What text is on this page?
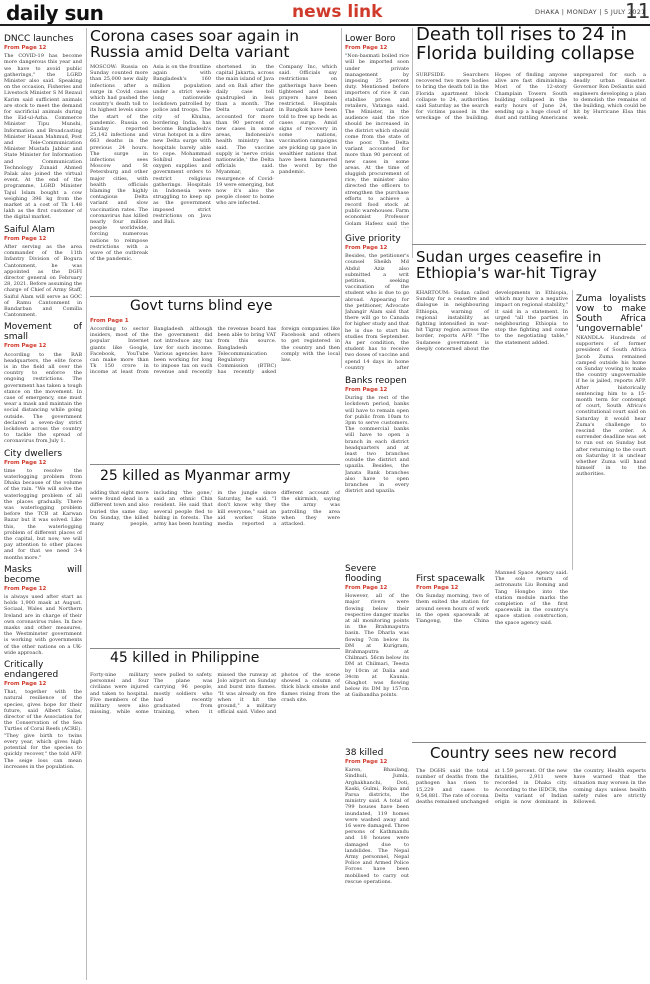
daily sun	news link	DHAKA | MONDAY | 5 JULY 2021
11
DNCC launches
From Page 12

The COVID-19 has become more dangerous this year and we have to avoid public gatherings," the LGRD Minister also said. Speaking on the occasion, Fisheries and Livestock Minister S M Rezaul Karim said sufficient animals are stock to meet the demand for sacrificial animals during the Eid-ul-Azha. Commerce Minister Tipu Munshi, Information and Broadcasting Minister Hasan Mahmud, Post and Tele-Communication Minister Mustafa Jabbar and State Minister for Information and Communication Technology Zunaid Ahmed Palak also joined the virtual event. At the end of the programme, LGRD Minister Tajul Islam bought a cow weighing 396 kg from the market at a cost of Tk 1.48 lakh as the first customer of the digital market.

Saiful Alam
From Page 12

After serving as the area commander of the 11th Infantry Division of Bogura Cantonment, he was appointed as the DGFI director general on February 28, 2021. Before assuming the charge of Chief of Army Staff, Saiful Alam will serve as GOC of Ramu Cantonment in Bandarban and Comilla Cantonment.

Movement of small
From Page 12

According to the RAB headquarters, the elite force is in the field all over the country to enforce the ongoing restrictions. The government has taken a tough stance on the movement. In case of emergency, one must wear a mask and maintain the social distancing while going outside. The government declared a seven-day strict lockdown across the country to tackle the spread of coronavirus from July 1.

City dwellers
From Page 12

time to resolve the waterlogging problem from Dhaka because of the volume of the rain. "We will solve the waterlogging problem of all the places gradually. There was waterlogging problem before the TCB at Karwan Bazar but it was solved. Like this, the waterlogging problem of different places of the capital, but now, we will pay attention to other places and for that we need 3-4 months more."

Masks will become
From Page 12

is always used after start as holds 1,900 mask at August. Sociaal, Wales and Northern Ireland are in charge of their own coronavirus rules. In face masks and other measures, the Westminster government is working with governments of the other nations on a UK-wide approach.

Critically endangered
From Page 12

That, together with the natural resilience of the species, gives hope for their future, said Albert Salas, director of the Association for the Conservation of the Sea Turtles of Coral Reefs (ACRE). "They give birth to twins every year, which gives high potential for the species to quickly recover," the told AFP. The seige loss can mean increases in the population.

Corona cases soar again in Russia amid Delta variant
MOSCOW: Russia on Sunday counted more than 25,000 new daily infections after a surge in Covid cases which had pushed the country's death toll to its highest levels since the start of the pandemic. Russia on Sunday reported 25,142 infections and 663 deaths in the previous 24 hours. The surge in infections sees Moscow and St Petersburg and other major cities, with health officials blaming the highly contagious Delta variant and slow vaccination rates. The coronavirus has killed nearly four million people worldwide, forcing numerous nations to reimpose restrictions with a wave of the outbreak of the pandemic.
Asia is on the frontline again with Bangladesh's 160 million population under a strict week-long nationwide lockdown patrolled by police and troops. The city of Khulna, bordering India, has become Bangladesh's virus hotspot in a dire new Delta surge with hospitals barely able to cope. Mohammad Sohibul bashed oxygen supplies and government orders to restrict religious gatherings. Hospitals in Indonesia were struggling to keep up as the government imposed strict restrictions on Java and Bali.
shortened in the capital Jakarta, across the main island of Java and on Bali after the daily case toll quadrupled in less than a month. The Delta variant accounted for more than 90 percent of new cases in some areas, Indonesia's health ministry has said. The vaccine supply is 'nerve crisis nationwide,' the Delta officials said. Myanmar, a resurgence of Covid-19 were emerging, but now it's also the people closer to home who are infected.
Company Inc, which said. Officials say restrictions on gatherings have been tightened and mass prayers have been restricted. Hospitals in Bangkok have been told to free up beds as cases surge. Amid signs of recovery in some nations, vaccination campaigns are picking up pace in wealthier nations that have been hammered the worst by the pandemic.
Lower Boro
From Page 12

"Non-basmati boiled rice will be imported soon under private management by imposing 25 percent duty. Mentioned before importers of rice it can stabilise prices and retailers, Vatanga said. The Minister, in the audience said the rice should be increased in the district which should come from the state of the poor. The Delta variant accounted for more than 90 percent of new cases in some areas. At the time of sluggish procurement of rice, the minister also directed the officers to strengthen the purchase efforts to achieve a record food stock at public warehouses. Farm economist Professor Golam Hafeez said the

Give priority
From Page 12

Besides, the petitioner's counsel Sheikh Md Abdul Aziz also submitted a writ petition, seeking vaccination of the student who is due to go abroad. Appearing for the petitioner, Advocate Jahangir Alam said that there will go to Canada for higher study and that he is due to start his studies from September. As per condition, the student has to receive two doses of vaccine and spend 14 days in home country after

Death toll rises to 24 in Florida building collapse
SURFSIDE: Searchers recovered two more bodies to bring the death toll in the Florida apartment block collapse to 24, authorities said Saturday as the search for victims paused in the wreckage of the building. Hopes of finding anyone alive are fast diminishing. Most of the 12-story Champlain Towers South building collapsed in the early hours of June 24, sending up a huge cloud of dust and rattling Americans unprepared for such a deadly urban disaster. Governor Ron DeSantis said engineers developing a plan to demolish the remains of the building, which could be hit by Hurricane Elsa this week.
Sudan urges ceasefire in Ethiopia's war-hit Tigray
KHARTOUM: Sudan called Sunday for a ceasefire and dialogue in neighbouring Ethiopia, warning of regional instability as fighting intensified in war-hit Tigray region across the border, reports AFP. "The Sudanese government is deeply concerned about the developments in Ethiopia, which may have a negative impact on regional stability," it said in a statement. In urged "all the parties in neighbouring Ethiopia to stop the fighting and come to the negotiating table," the statement added.
Zuma loyalists vow to make South Africa 'ungovernable'

NKANDLA: Hundreds of supporters of former president of South Africa Jacob Zuma remained camped outside his home on Sunday vowing to make the country ungovernable if he is jailed, reports AFP. After historically sentencing him to a 15-month term for contempt of court, South Africa's constitutional court said on Saturday it would hear Zuma's challenge to rescind the order. A surrender deadline was set to run out on Sunday but after returning to the court on Saturday it is unclear whether Zuma will hand himself in to the authorities.

Govt turns blind eye
From Page 1
According to sector insiders, most of the popular Internet giants like Google, Facebook, YouTube can make more than Tk 150 crore in income at least from Bangladesh although the government did not introduce any tax law for such income. Various agencies have been working for long to impose tax on such revenue and recently the revenue board has been able to bring VAT from this source. Bangladesh Telecommunication Regulatory Commission (BTRC) has recently asked foreign companies like Facebook and others to get registered in the country and then comply with the local law.
Banks reopen
From Page 12

During the rest of the lockdown period, banks will have to remain open for public from 10am to 3pm to serve customers. The commercial banks will have to open a branch in each district headquarters and at least two branches outside the district and upazila. Besides, the Janata Bank branches also have to open branches in every district and upazila.

Severe flooding
From Page 12

However, all of the major rivers were flowing below their respective danger marks at all monitoring points in the Brahmaputra basin. The Dharla was flowing 7cm below its DM at Kurigram, Brahmaputra at Chilmari. 56cm below its DM at Chilmari, Teesta by 10cm at Dalia and 34cm at Kaunia. Ghaghot was flowing below its DM by 157cm at Gaibandha points.

First spacewalk
From Page 12

On Sunday morning, two of them exited the station for around seven hours of work in the open spacewalk at Tiangong, the China Manned Space Agency said. The solo return of astronauts Liu Boming and Tang Hongbo into the station module marks the completion of the first spacewalk in the country's space station construction, the space agency said.

25 killed as Myanmar army
adding that eight more were found dead in a different town and also buried the same day. On Sunday, the killed many people, including 'the gone,' said an ethnic Chin resident. He said that several people fled to hiding in forests. The army has been hunting in the jungle since Saturday, he said. "I don't know why they kill everyone," said an aid worker. State media reported a different account of the skirmish, saying the army was patrolling the area when they were attacked.
45 killed in Philippine
Forty-nine military personnel and four civilians were injured and taken to hospital. Five members of the military were also missing, while some were pulled to safety. The plane was carrying 96 people, mostly soldiers who had recently graduated from training, when it missed the runway at Jolo airport on Sunday and burst into flames. "It was already on fire when it hit the ground," a military official said. Video and photos of the scene showed a column of thick black smoke and flames rising from the crash site.
38 killed
From Page 12

Karen, Bhaulang, Sindhuli, Jumla, Arghakhanchi, Doti, Kaski, Gulmi, Rolpa and Parsa districts, the ministry said. A total of 799 houses have been inundated, 119 homes were washed away and 16 were damaged. Three persons of Kathmandu and 18 houses were damaged due to landslides. The Nepal Army personnel, Nepal Police and Armed Police Forces have been mobilised to carry out rescue operations.

Country sees new record
The DGHS said the total number of deaths from the pathogen has risen to 15,229 and cases to 9,54,881. The rate of corona deaths remained unchanged at 1.59 percent. Of the new fatalities, 2,911 were recorded in Dhaka city. According to the IEDCR, the Delta variant of Indian origin is now dominant in the country. Health experts have warned that the situation may worsen in the coming days unless health safety rules are strictly followed.
